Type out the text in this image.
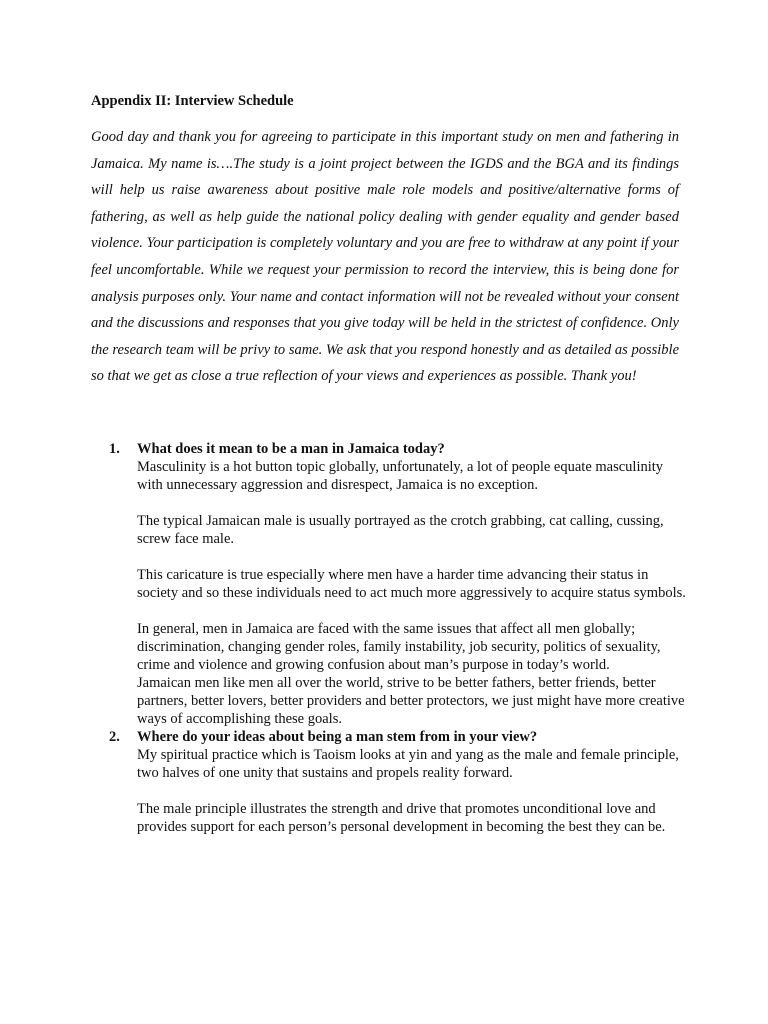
Appendix II: Interview Schedule

Good day and thank you for agreeing to participate in this important study on men and fathering in Jamaica. My name is….The study is a joint project between the IGDS and the BGA and its findings will help us raise awareness about positive male role models and positive/alternative forms of fathering, as well as help guide the national policy dealing with gender equality and gender based violence. Your participation is completely voluntary and you are free to withdraw at any point if your feel uncomfortable. While we request your permission to record the interview, this is being done for analysis purposes only. Your name and contact information will not be revealed without your consent and the discussions and responses that you give today will be held in the strictest of confidence. Only the research team will be privy to same. We ask that you respond honestly and as detailed as possible so that we get as close a true reflection of your views and experiences as possible. Thank you!

1. What does it mean to be a man in Jamaica today?

Masculinity is a hot button topic globally, unfortunately, a lot of people equate masculinity with unnecessary aggression and disrespect, Jamaica is no exception.

The typical Jamaican male is usually portrayed as the crotch grabbing, cat calling, cussing, screw face male.

This caricature is true especially where men have a harder time advancing their status in society and so these individuals need to act much more aggressively to acquire status symbols.

In general, men in Jamaica are faced with the same issues that affect all men globally; discrimination, changing gender roles, family instability, job security, politics of sexuality, crime and violence and growing confusion about man’s purpose in today’s world.

Jamaican men like men all over the world, strive to be better fathers, better friends, better partners, better lovers, better providers and better protectors, we just might have more creative ways of accomplishing these goals.

2. Where do your ideas about being a man stem from in your view?

My spiritual practice which is Taoism looks at yin and yang as the male and female principle, two halves of one unity that sustains and propels reality forward.

The male principle illustrates the strength and drive that promotes unconditional love and provides support for each person’s personal development in becoming the best they can be.
